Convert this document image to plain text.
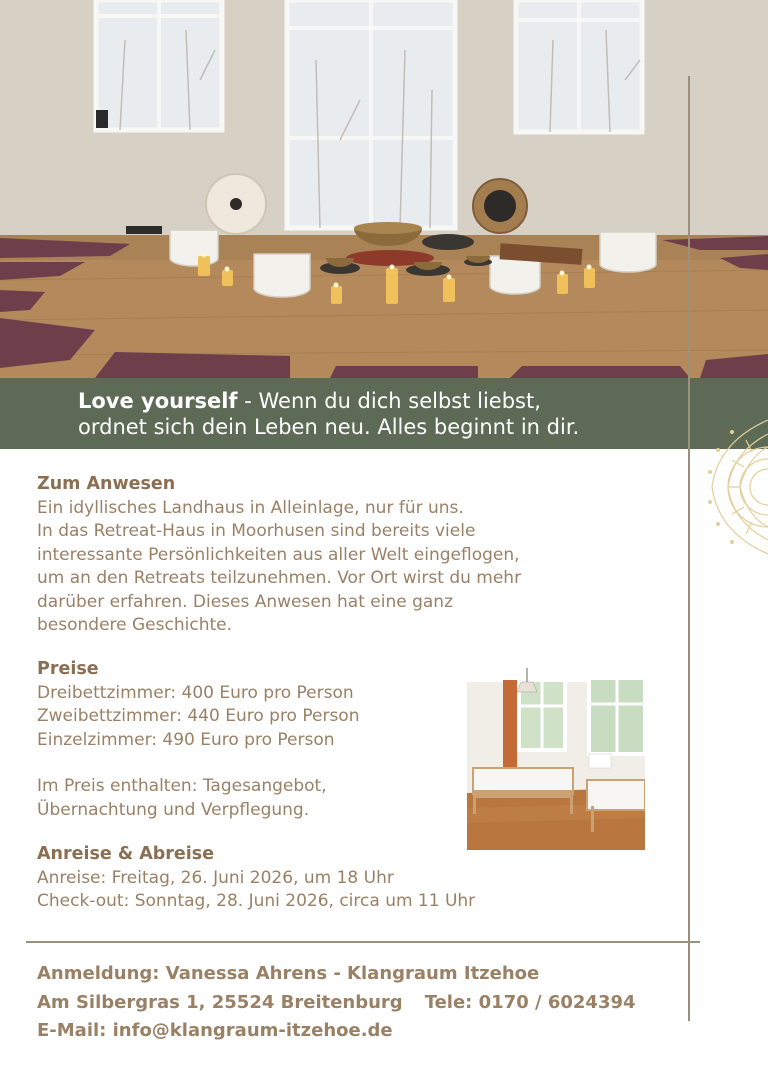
Love yourself - Wenn du dich selbst liebst,
ordnet sich dein Leben neu. Alles beginnt in dir.
Zum Anwesen

Ein idyllisches Landhaus in Alleinlage, nur für uns.

In das Retreat-Haus in Moorhusen sind bereits viele

interessante Persönlichkeiten aus aller Welt eingeflogen,

um an den Retreats teilzunehmen. Vor Ort wirst du mehr

darüber erfahren. Dieses Anwesen hat eine ganz

besondere Geschichte.

Preise

Dreibettzimmer: 400 Euro pro Person

Zweibettzimmer: 440 Euro pro Person

Einzelzimmer: 490 Euro pro Person

Im Preis enthalten: Tagesangebot,

Übernachtung und Verpflegung.

Anreise & Abreise

Anreise: Freitag, 26. Juni 2026, um 18 Uhr

Check-out: Sonntag, 28. Juni 2026, circa um 11 Uhr

Anmeldung: Vanessa Ahrens - Klangraum Itzehoe
Am Silbergras 1, 25524 Breitenburg Tele: 0170 / 6024394
E-Mail: info@klangraum-itzehoe.de
